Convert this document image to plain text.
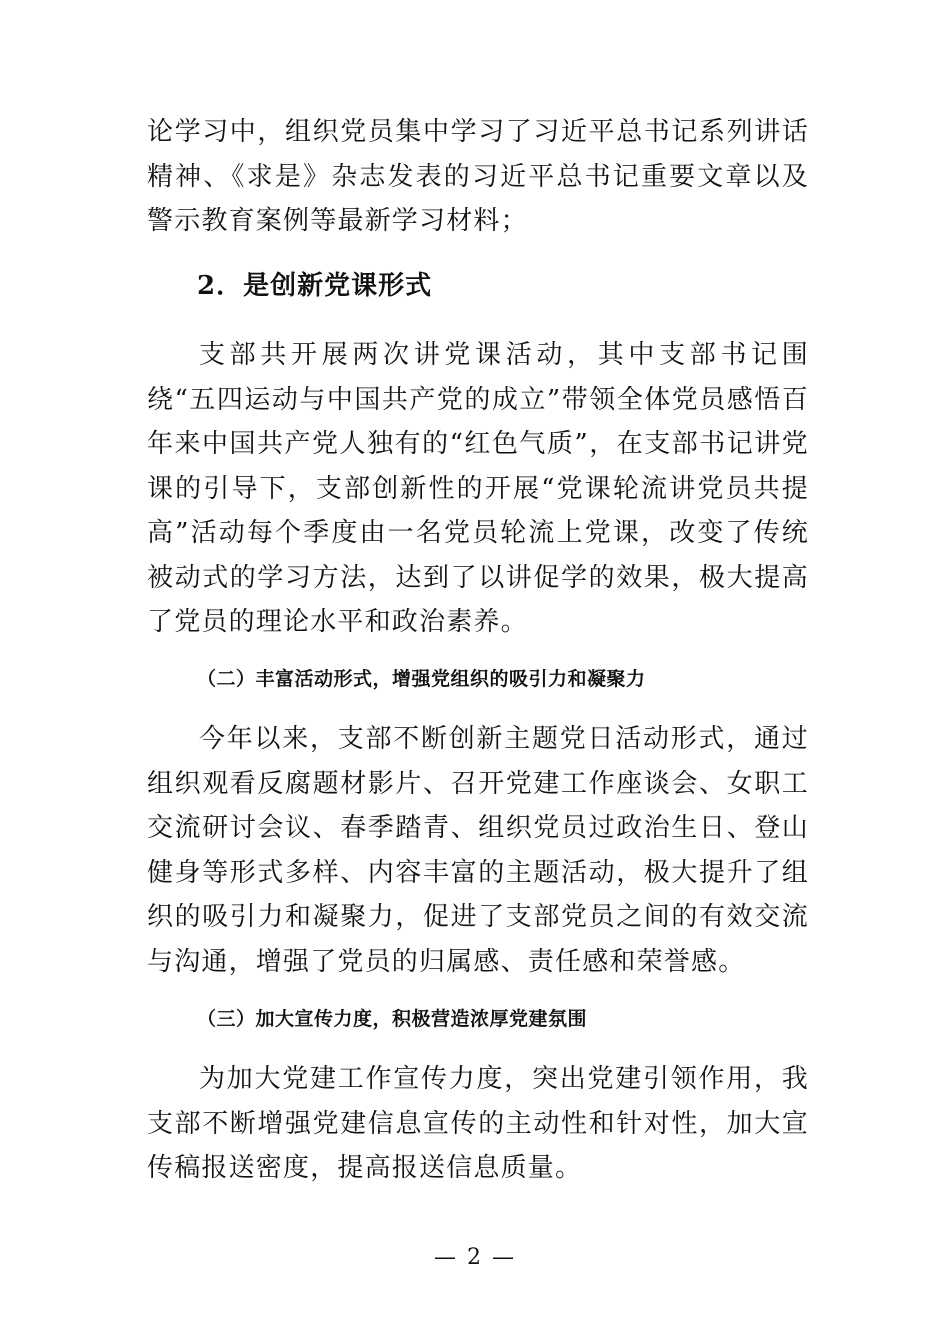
论学习中，组织党员集中学习了习近平总书记系列讲话精神、《求是》杂志发表的习近平总书记重要文章以及警示教育案例等最新学习材料；
2．是创新党课形式
支部共开展两次讲党课活动，其中支部书记围绕“五四运动与中国共产党的成立”带领全体党员感悟百年来中国共产党人独有的“红色气质”，在支部书记讲党课的引导下，支部创新性的开展“党课轮流讲党员共提高”活动每个季度由一名党员轮流上党课，改变了传统被动式的学习方法，达到了以讲促学的效果，极大提高了党员的理论水平和政治素养。
（二）丰富活动形式，增强党组织的吸引力和凝聚力
今年以来，支部不断创新主题党日活动形式，通过组织观看反腐题材影片、召开党建工作座谈会、女职工交流研讨会议、春季踏青、组织党员过政治生日、登山健身等形式多样、内容丰富的主题活动，极大提升了组织的吸引力和凝聚力，促进了支部党员之间的有效交流与沟通，增强了党员的归属感、责任感和荣誉感。
（三）加大宣传力度，积极营造浓厚党建氛围
为加大党建工作宣传力度，突出党建引领作用，我支部不断增强党建信息宣传的主动性和针对性，加大宣传稿报送密度，提高报送信息质量。
— 2 —
